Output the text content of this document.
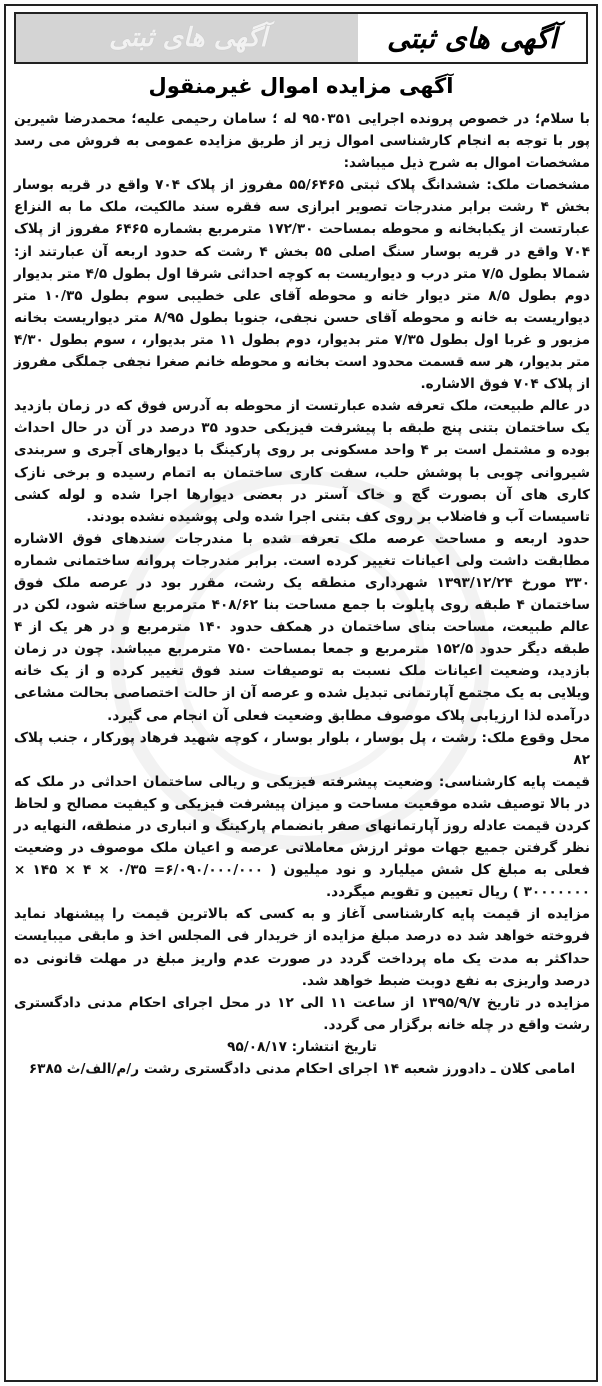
آگهی های ثبتی	آگهی های ثبتی
آگهی مزایده اموال غیرمنقول

با سلام؛ در خصوص پرونده اجرایی ۹۵۰۳۵۱ له ؛ سامان رحیمی علیه؛ محمدرضا شیرین پور با توجه به انجام کارشناسی اموال زیر از طریق مزایده عمومی به فروش می رسد مشخصات اموال به شرح ذیل میباشد:

مشخصات ملک: ششدانگ پلاک ثبتی ۵۵/۶۴۶۵ مفروز از پلاک ۷۰۴ واقع در قریه بوسار بخش ۴ رشت برابر مندرجات تصویر ابرازی سه فقره سند مالکیت، ملک ما به النزاع عبارتست از یکبابخانه و محوطه بمساحت ۱۷۲/۳۰ مترمربع بشماره ۶۴۶۵ مفروز از پلاک ۷۰۴ واقع در قریه بوسار سنگ اصلی ۵۵ بخش ۴ رشت که حدود اربعه آن عبارتند از: شمالا بطول ۷/۵ متر درب و دیواریست به کوچه احداثی شرقا اول بطول ۴/۵ متر بدیوار دوم بطول ۸/۵ متر دیوار خانه و محوطه آقای علی خطیبی سوم بطول ۱۰/۳۵ متر دیواریست به خانه و محوطه آقای حسن نجفی، جنوبا بطول ۸/۹۵ متر دیواریست بخانه مزبور و غربا اول بطول ۷/۳۵ متر بدیوار، دوم بطول ۱۱ متر بدیوار، ، سوم بطول ۴/۳۰ متر بدیوار، هر سه قسمت محدود است بخانه و محوطه خانم صغرا نجفی جملگی مفروز از پلاک ۷۰۴ فوق الاشاره.

در عالم طبیعت، ملک تعرفه شده عبارتست از محوطه به آدرس فوق که در زمان بازدید یک ساختمان بتنی پنج طبقه با پیشرفت فیزیکی حدود ۳۵ درصد در آن در حال احداث بوده و مشتمل است بر ۴ واحد مسکونی بر روی پارکینگ با دیوارهای آجری و سربندی شیروانی چوبی با پوشش حلب، سفت کاری ساختمان به اتمام رسیده و برخی نازک کاری های آن بصورت گچ و خاک آستر در بعضی دیوارها اجرا شده و لوله کشی تاسیسات آب و فاضلاب بر روی کف بتنی اجرا شده ولی پوشیده نشده بودند.

حدود اربعه و مساحت عرصه ملک تعرفه شده با مندرجات سندهای فوق الاشاره مطابقت داشت ولی اعیانات تغییر کرده است. برابر مندرجات پروانه ساختمانی شماره ۳۳۰ مورخ ۱۳۹۳/۱۲/۲۴ شهرداری منطقه یک رشت، مقرر بود در عرصه ملک فوق ساختمان ۴ طبقه روی پایلوت با جمع مساحت بنا ۴۰۸/۶۲ مترمربع ساخته شود، لکن در عالم طبیعت، مساحت بنای ساختمان در همکف حدود ۱۴۰ مترمربع و در هر یک از ۴ طبقه دیگر حدود ۱۵۲/۵ مترمربع و جمعا بمساحت ۷۵۰ مترمربع میباشد. چون در زمان بازدید، وضعیت اعیانات ملک نسبت به توصیفات سند فوق تغییر کرده و از یک خانه ویلایی به یک مجتمع آپارتمانی تبدیل شده و عرصه آن از حالت اختصاصی بحالت مشاعی درآمده لذا ارزیابی پلاک موصوف مطابق وضعیت فعلی آن انجام می گیرد.

محل وقوع ملک: رشت ، پل بوسار ، بلوار بوسار ، کوچه شهید فرهاد پورکار ، جنب پلاک ۸۲

قیمت پایه کارشناسی: وضعیت پیشرفته فیزیکی و ریالی ساختمان احداثی در ملک که در بالا توصیف شده موقعیت مساحت و میزان پیشرفت فیزیکی و کیفیت مصالح و لحاظ کردن قیمت عادله روز آپارتمانهای صفر بانضمام پارکینگ و انباری در منطقه، النهایه در نظر گرفتن جمیع جهات موثر ارزش معاملاتی عرصه و اعیان ملک موصوف در وضعیت فعلی به مبلغ کل شش میلیارد و نود میلیون ( ۶/۰۹۰/۰۰۰/۰۰۰= ۰/۳۵ × ۴ × ۱۴۵ × ۳۰۰۰۰۰۰۰ ) ریال تعیین و تقویم میگردد.

مزایده از قیمت پایه کارشناسی آغاز و به کسی که بالاترین قیمت را پیشنهاد نماید فروخته خواهد شد ده درصد مبلغ مزایده از خریدار فی المجلس اخذ و مابقی میبایست حداکثر به مدت یک ماه پرداخت گردد در صورت عدم واریز مبلغ در مهلت قانونی ده درصد واریزی به نفع دوبت ضبط خواهد شد.

مزایده در تاریخ ۱۳۹۵/۹/۷ از ساعت ۱۱ الی ۱۲ در محل اجرای احکام مدنی دادگستری رشت واقع در چله خانه برگزار می گردد.

تاریخ انتشار: ۹۵/۰۸/۱۷

امامی کلان ـ دادورز شعبه ۱۴ اجرای احکام مدنی دادگستری رشت ر/م/الف/ث ۶۳۸۵
